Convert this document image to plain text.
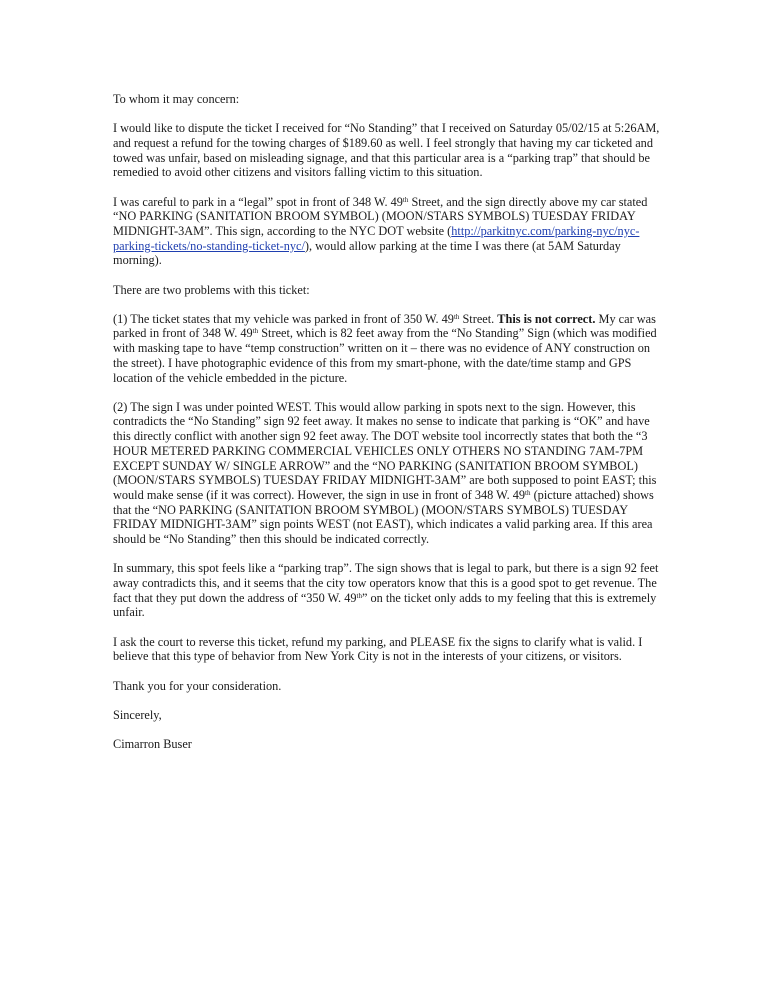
To whom it may concern:

I would like to dispute the ticket I received for “No Standing” that I received on Saturday 05/02/15 at 5:26AM, and request a refund for the towing charges of $189.60 as well. I feel strongly that having my car ticketed and towed was unfair, based on misleading signage, and that this particular area is a “parking trap” that should be remedied to avoid other citizens and visitors falling victim to this situation.

I was careful to park in a “legal” spot in front of 348 W. 49th Street, and the sign directly above my car stated “NO PARKING (SANITATION BROOM SYMBOL) (MOON/STARS SYMBOLS) TUESDAY FRIDAY MIDNIGHT-3AM”. This sign, according to the NYC DOT website (http://parkitnyc.com/parking-nyc/nyc-parking-tickets/no-standing-ticket-nyc/), would allow parking at the time I was there (at 5AM Saturday morning).

There are two problems with this ticket:

(1) The ticket states that my vehicle was parked in front of 350 W. 49th Street. This is not correct. My car was parked in front of 348 W. 49th Street, which is 82 feet away from the “No Standing” Sign (which was modified with masking tape to have “temp construction” written on it – there was no evidence of ANY construction on the street). I have photographic evidence of this from my smart-phone, with the date/time stamp and GPS location of the vehicle embedded in the picture.

(2) The sign I was under pointed WEST. This would allow parking in spots next to the sign. However, this contradicts the “No Standing” sign 92 feet away. It makes no sense to indicate that parking is “OK” and have this directly conflict with another sign 92 feet away. The DOT website tool incorrectly states that both the “3 HOUR METERED PARKING COMMERCIAL VEHICLES ONLY OTHERS NO STANDING 7AM-7PM EXCEPT SUNDAY W/ SINGLE ARROW” and the “NO PARKING (SANITATION BROOM SYMBOL) (MOON/STARS SYMBOLS) TUESDAY FRIDAY MIDNIGHT-3AM” are both supposed to point EAST; this would make sense (if it was correct). However, the sign in use in front of 348 W. 49th (picture attached) shows that the “NO PARKING (SANITATION BROOM SYMBOL) (MOON/STARS SYMBOLS) TUESDAY FRIDAY MIDNIGHT-3AM” sign points WEST (not EAST), which indicates a valid parking area. If this area should be “No Standing” then this should be indicated correctly.

In summary, this spot feels like a “parking trap”. The sign shows that is legal to park, but there is a sign 92 feet away contradicts this, and it seems that the city tow operators know that this is a good spot to get revenue. The fact that they put down the address of “350 W. 49th” on the ticket only adds to my feeling that this is extremely unfair.

I ask the court to reverse this ticket, refund my parking, and PLEASE fix the signs to clarify what is valid. I believe that this type of behavior from New York City is not in the interests of your citizens, or visitors.

Thank you for your consideration.

Sincerely,

Cimarron Buser
